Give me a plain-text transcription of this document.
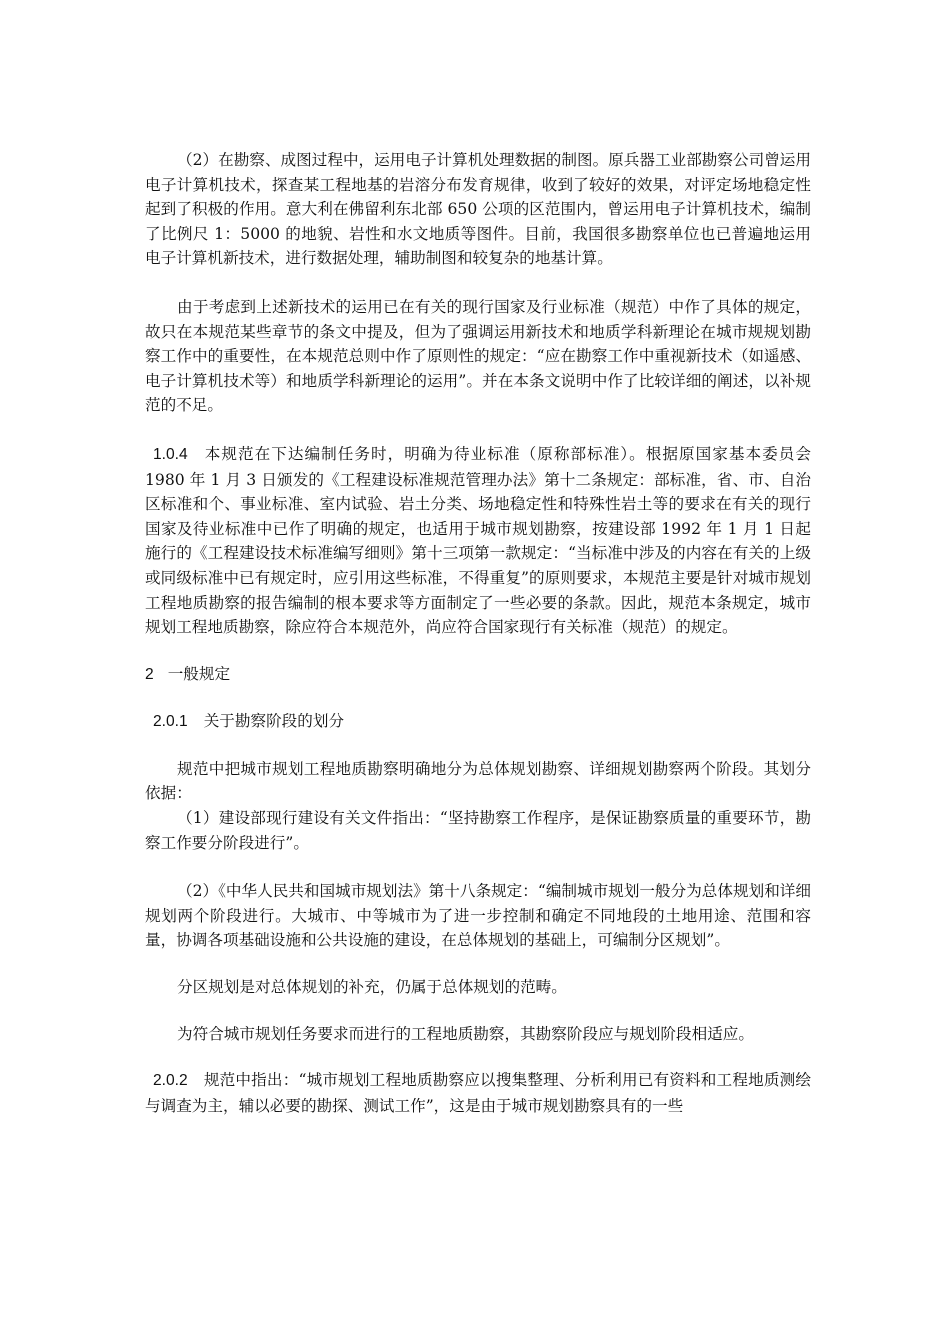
（2）在勘察、成图过程中，运用电子计算机处理数据的制图。原兵器工业部勘察公司曾运用电子计算机技术，探查某工程地基的岩溶分布发育规律，收到了较好的效果，对评定场地稳定性起到了积极的作用。意大利在佛留利东北部 650 公项的区范围内，曾运用电子计算机技术，编制了比例尺 1：5000 的地貌、岩性和水文地质等图件。目前，我国很多勘察单位也已普遍地运用电子计算机新技术，进行数据处理，辅助制图和较复杂的地基计算。

由于考虑到上述新技术的运用已在有关的现行国家及行业标准（规范）中作了具体的规定，故只在本规范某些章节的条文中提及，但为了强调运用新技术和地质学科新理论在城市规规划勘察工作中的重要性，在本规范总则中作了原则性的规定：“应在勘察工作中重视新技术（如遥感、电子计算机技术等）和地质学科新理论的运用”。并在本条文说明中作了比较详细的阐述，以补规范的不足。

1.0.4 本规范在下达编制任务时，明确为待业标准（原称部标准）。根据原国家基本委员会 1980 年 1 月 3 日颁发的《工程建设标准规范管理办法》第十二条规定：部标准，省、市、自治区标准和个、事业标准、室内试验、岩土分类、场地稳定性和特殊性岩土等的要求在有关的现行国家及待业标准中已作了明确的规定，也适用于城市规划勘察，按建设部 1992 年 1 月 1 日起施行的《工程建设技术标准编写细则》第十三项第一款规定：“当标准中涉及的内容在有关的上级或同级标准中已有规定时，应引用这些标准，不得重复”的原则要求，本规范主要是针对城市规划工程地质勘察的报告编制的根本要求等方面制定了一些必要的条款。因此，规范本条规定，城市规划工程地质勘察，除应符合本规范外，尚应符合国家现行有关标准（规范）的规定。

2 一般规定

2.0.1 关于勘察阶段的划分

规范中把城市规划工程地质勘察明确地分为总体规划勘察、详细规划勘察两个阶段。其划分依据：

（1）建设部现行建设有关文件指出：“坚持勘察工作程序，是保证勘察质量的重要环节，勘察工作要分阶段进行”。

（2）《中华人民共和国城市规划法》第十八条规定：“编制城市规划一般分为总体规划和详细规划两个阶段进行。大城市、中等城市为了进一步控制和确定不同地段的土地用途、范围和容量，协调各项基础设施和公共设施的建设，在总体规划的基础上，可编制分区规划”。

分区规划是对总体规划的补充，仍属于总体规划的范畴。

为符合城市规划任务要求而进行的工程地质勘察，其勘察阶段应与规划阶段相适应。

2.0.2 规范中指出：“城市规划工程地质勘察应以搜集整理、分析利用已有资料和工程地质测绘与调查为主，辅以必要的勘探、测试工作”，这是由于城市规划勘察具有的一些
